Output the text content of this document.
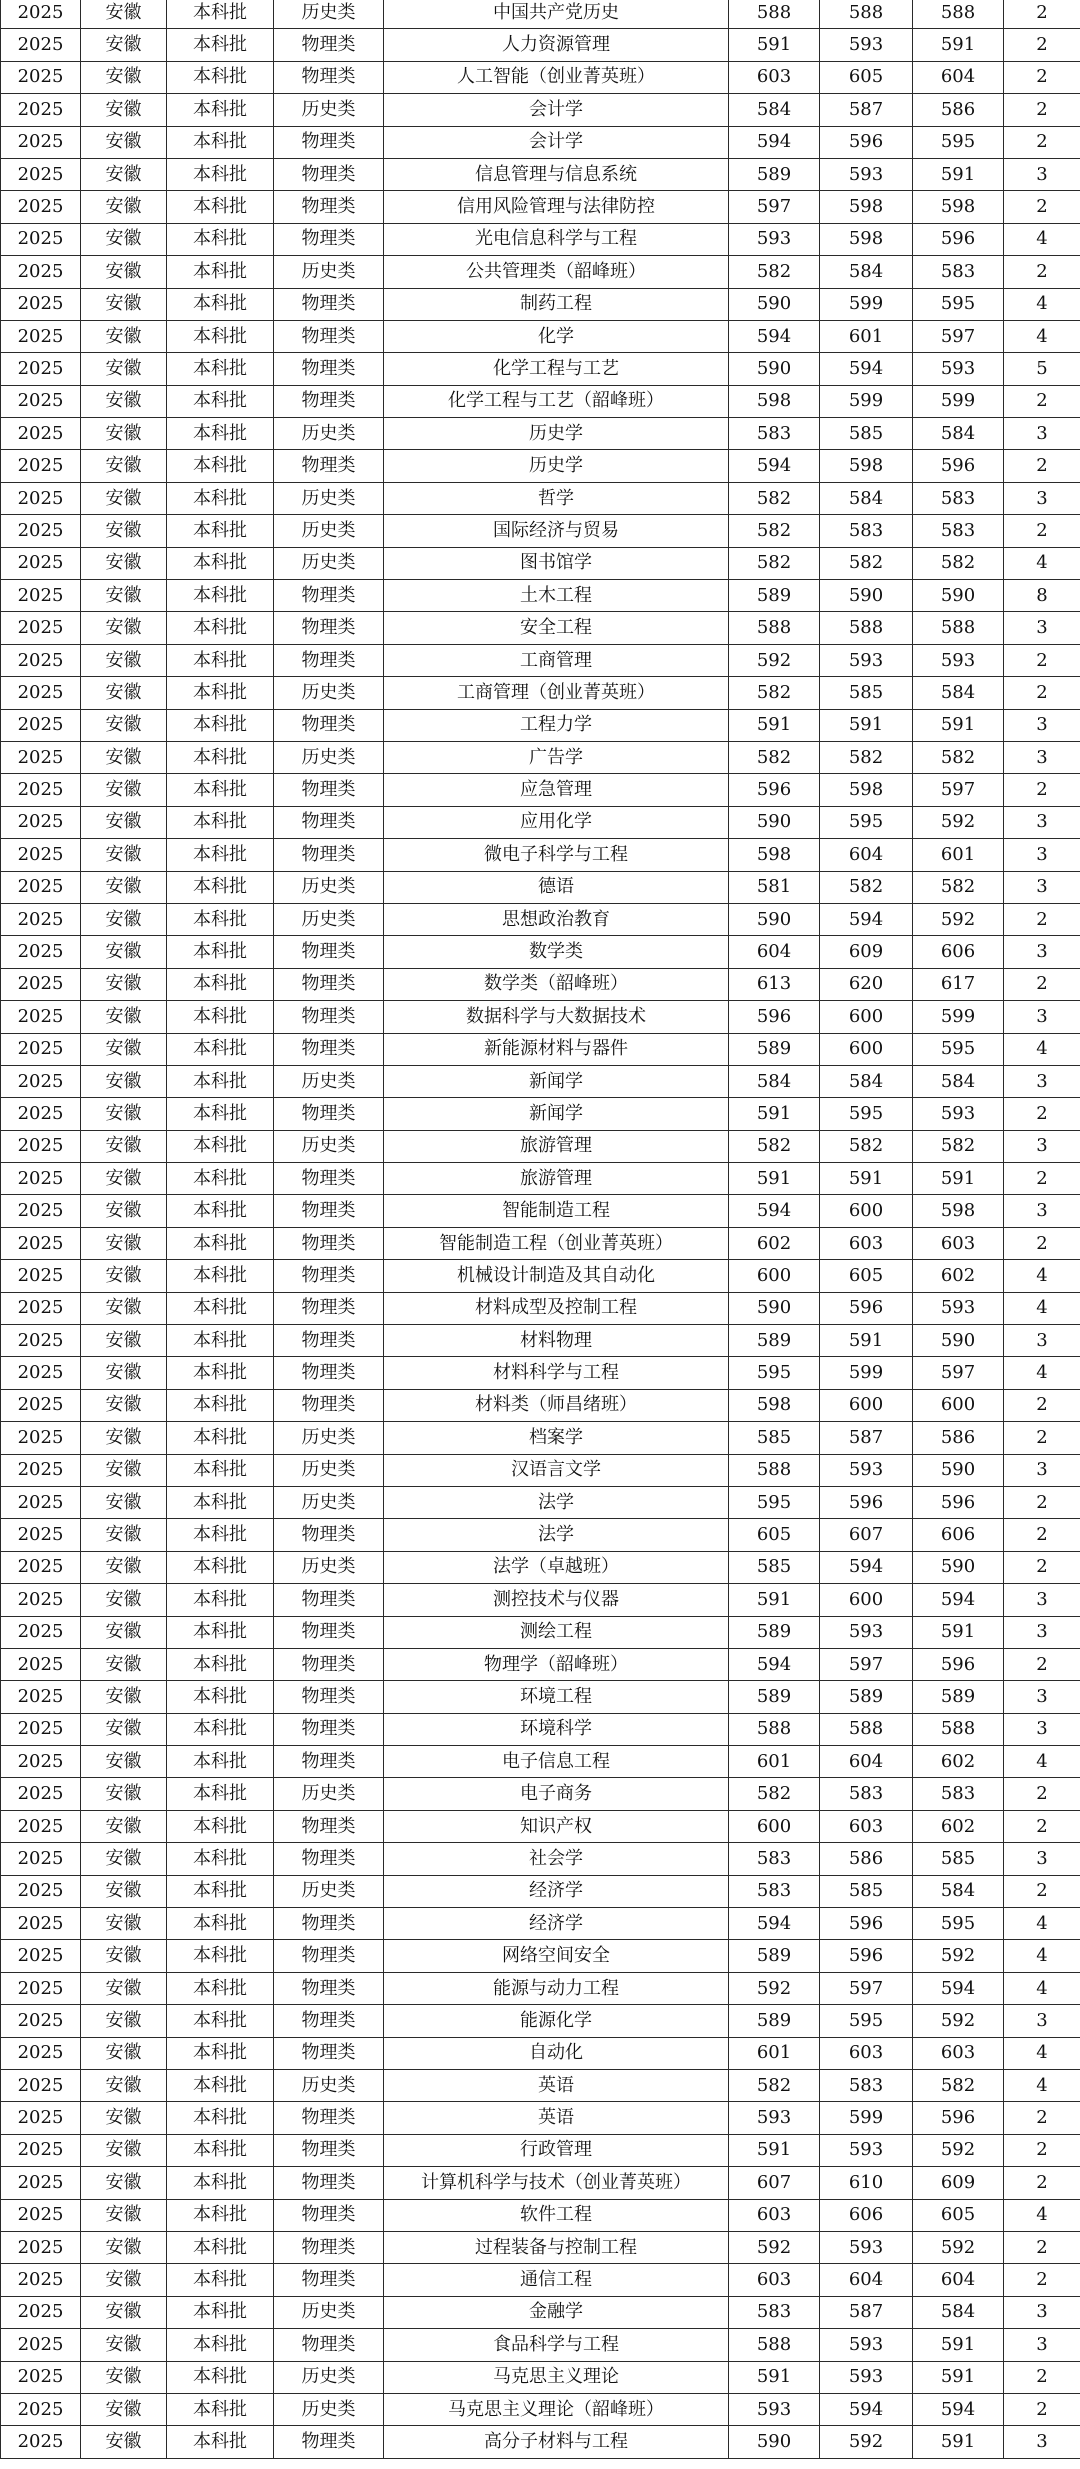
2025	安徽	本科批	历史类	中国共产党历史	588	588	588	2
2025	安徽	本科批	物理类	人力资源管理	591	593	591	2
2025	安徽	本科批	物理类	人工智能（创业菁英班）	603	605	604	2
2025	安徽	本科批	历史类	会计学	584	587	586	2
2025	安徽	本科批	物理类	会计学	594	596	595	2
2025	安徽	本科批	物理类	信息管理与信息系统	589	593	591	3
2025	安徽	本科批	物理类	信用风险管理与法律防控	597	598	598	2
2025	安徽	本科批	物理类	光电信息科学与工程	593	598	596	4
2025	安徽	本科批	历史类	公共管理类（韶峰班）	582	584	583	2
2025	安徽	本科批	物理类	制药工程	590	599	595	4
2025	安徽	本科批	物理类	化学	594	601	597	4
2025	安徽	本科批	物理类	化学工程与工艺	590	594	593	5
2025	安徽	本科批	物理类	化学工程与工艺（韶峰班）	598	599	599	2
2025	安徽	本科批	历史类	历史学	583	585	584	3
2025	安徽	本科批	物理类	历史学	594	598	596	2
2025	安徽	本科批	历史类	哲学	582	584	583	3
2025	安徽	本科批	历史类	国际经济与贸易	582	583	583	2
2025	安徽	本科批	历史类	图书馆学	582	582	582	4
2025	安徽	本科批	物理类	土木工程	589	590	590	8
2025	安徽	本科批	物理类	安全工程	588	588	588	3
2025	安徽	本科批	物理类	工商管理	592	593	593	2
2025	安徽	本科批	历史类	工商管理（创业菁英班）	582	585	584	2
2025	安徽	本科批	物理类	工程力学	591	591	591	3
2025	安徽	本科批	历史类	广告学	582	582	582	3
2025	安徽	本科批	物理类	应急管理	596	598	597	2
2025	安徽	本科批	物理类	应用化学	590	595	592	3
2025	安徽	本科批	物理类	微电子科学与工程	598	604	601	3
2025	安徽	本科批	历史类	德语	581	582	582	3
2025	安徽	本科批	历史类	思想政治教育	590	594	592	2
2025	安徽	本科批	物理类	数学类	604	609	606	3
2025	安徽	本科批	物理类	数学类（韶峰班）	613	620	617	2
2025	安徽	本科批	物理类	数据科学与大数据技术	596	600	599	3
2025	安徽	本科批	物理类	新能源材料与器件	589	600	595	4
2025	安徽	本科批	历史类	新闻学	584	584	584	3
2025	安徽	本科批	物理类	新闻学	591	595	593	2
2025	安徽	本科批	历史类	旅游管理	582	582	582	3
2025	安徽	本科批	物理类	旅游管理	591	591	591	2
2025	安徽	本科批	物理类	智能制造工程	594	600	598	3
2025	安徽	本科批	物理类	智能制造工程（创业菁英班）	602	603	603	2
2025	安徽	本科批	物理类	机械设计制造及其自动化	600	605	602	4
2025	安徽	本科批	物理类	材料成型及控制工程	590	596	593	4
2025	安徽	本科批	物理类	材料物理	589	591	590	3
2025	安徽	本科批	物理类	材料科学与工程	595	599	597	4
2025	安徽	本科批	物理类	材料类（师昌绪班）	598	600	600	2
2025	安徽	本科批	历史类	档案学	585	587	586	2
2025	安徽	本科批	历史类	汉语言文学	588	593	590	3
2025	安徽	本科批	历史类	法学	595	596	596	2
2025	安徽	本科批	物理类	法学	605	607	606	2
2025	安徽	本科批	历史类	法学（卓越班）	585	594	590	2
2025	安徽	本科批	物理类	测控技术与仪器	591	600	594	3
2025	安徽	本科批	物理类	测绘工程	589	593	591	3
2025	安徽	本科批	物理类	物理学（韶峰班）	594	597	596	2
2025	安徽	本科批	物理类	环境工程	589	589	589	3
2025	安徽	本科批	物理类	环境科学	588	588	588	3
2025	安徽	本科批	物理类	电子信息工程	601	604	602	4
2025	安徽	本科批	历史类	电子商务	582	583	583	2
2025	安徽	本科批	物理类	知识产权	600	603	602	2
2025	安徽	本科批	物理类	社会学	583	586	585	3
2025	安徽	本科批	历史类	经济学	583	585	584	2
2025	安徽	本科批	物理类	经济学	594	596	595	4
2025	安徽	本科批	物理类	网络空间安全	589	596	592	4
2025	安徽	本科批	物理类	能源与动力工程	592	597	594	4
2025	安徽	本科批	物理类	能源化学	589	595	592	3
2025	安徽	本科批	物理类	自动化	601	603	603	4
2025	安徽	本科批	历史类	英语	582	583	582	4
2025	安徽	本科批	物理类	英语	593	599	596	2
2025	安徽	本科批	物理类	行政管理	591	593	592	2
2025	安徽	本科批	物理类	计算机科学与技术（创业菁英班）	607	610	609	2
2025	安徽	本科批	物理类	软件工程	603	606	605	4
2025	安徽	本科批	物理类	过程装备与控制工程	592	593	592	2
2025	安徽	本科批	物理类	通信工程	603	604	604	2
2025	安徽	本科批	历史类	金融学	583	587	584	3
2025	安徽	本科批	物理类	食品科学与工程	588	593	591	3
2025	安徽	本科批	历史类	马克思主义理论	591	593	591	2
2025	安徽	本科批	历史类	马克思主义理论（韶峰班）	593	594	594	2
2025	安徽	本科批	物理类	高分子材料与工程	590	592	591	3
